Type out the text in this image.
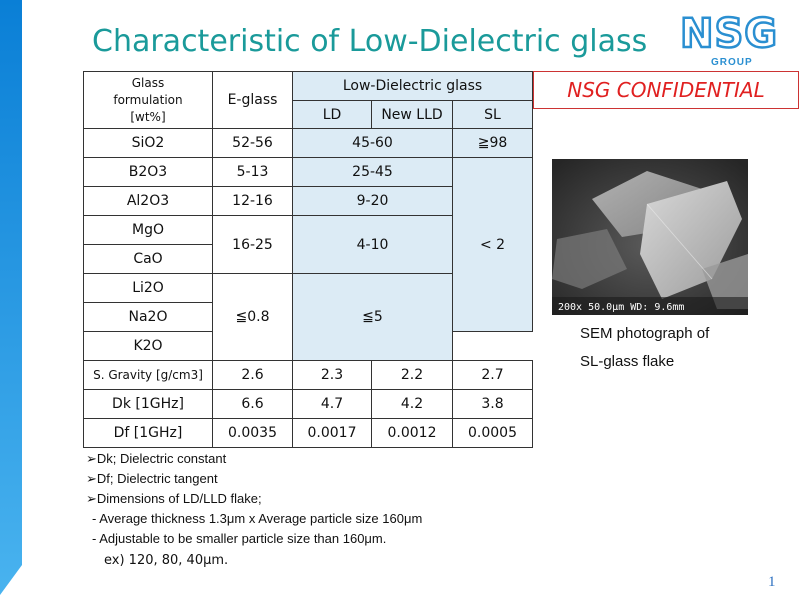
Characteristic of Low-Dielectric glass NSG
GROUP
NSG CONFIDENTIAL
Glass
formulation
[wt%]	E-glass	Low-Dielectric glass		
		LD	New LLD	SL
SiO2	52-56	45-60		≧98
B2O3	5-13	25-45		< 2
Al2O3	12-16	9-20		
MgO	16-25	4-10		
CaO				
Li2O	≦0.8	≦5		
Na2O				
K2O				
S. Gravity [g/cm3]	2.6	2.3	2.2	2.7
Dk [1GHz]	6.6	4.7	4.2	3.8
Df [1GHz]	0.0035	0.0017	0.0012	0.0005
200x 50.0μm WD: 9.6mm
SEM photograph of
SL-glass flake
➢Dk; Dielectric constant
➢Df; Dielectric tangent
➢Dimensions of LD/LLD flake;
- Average thickness 1.3μm x Average particle size 160μm
- Adjustable to be smaller particle size than 160μm.
ex) 120, 80, 40μm.
1
